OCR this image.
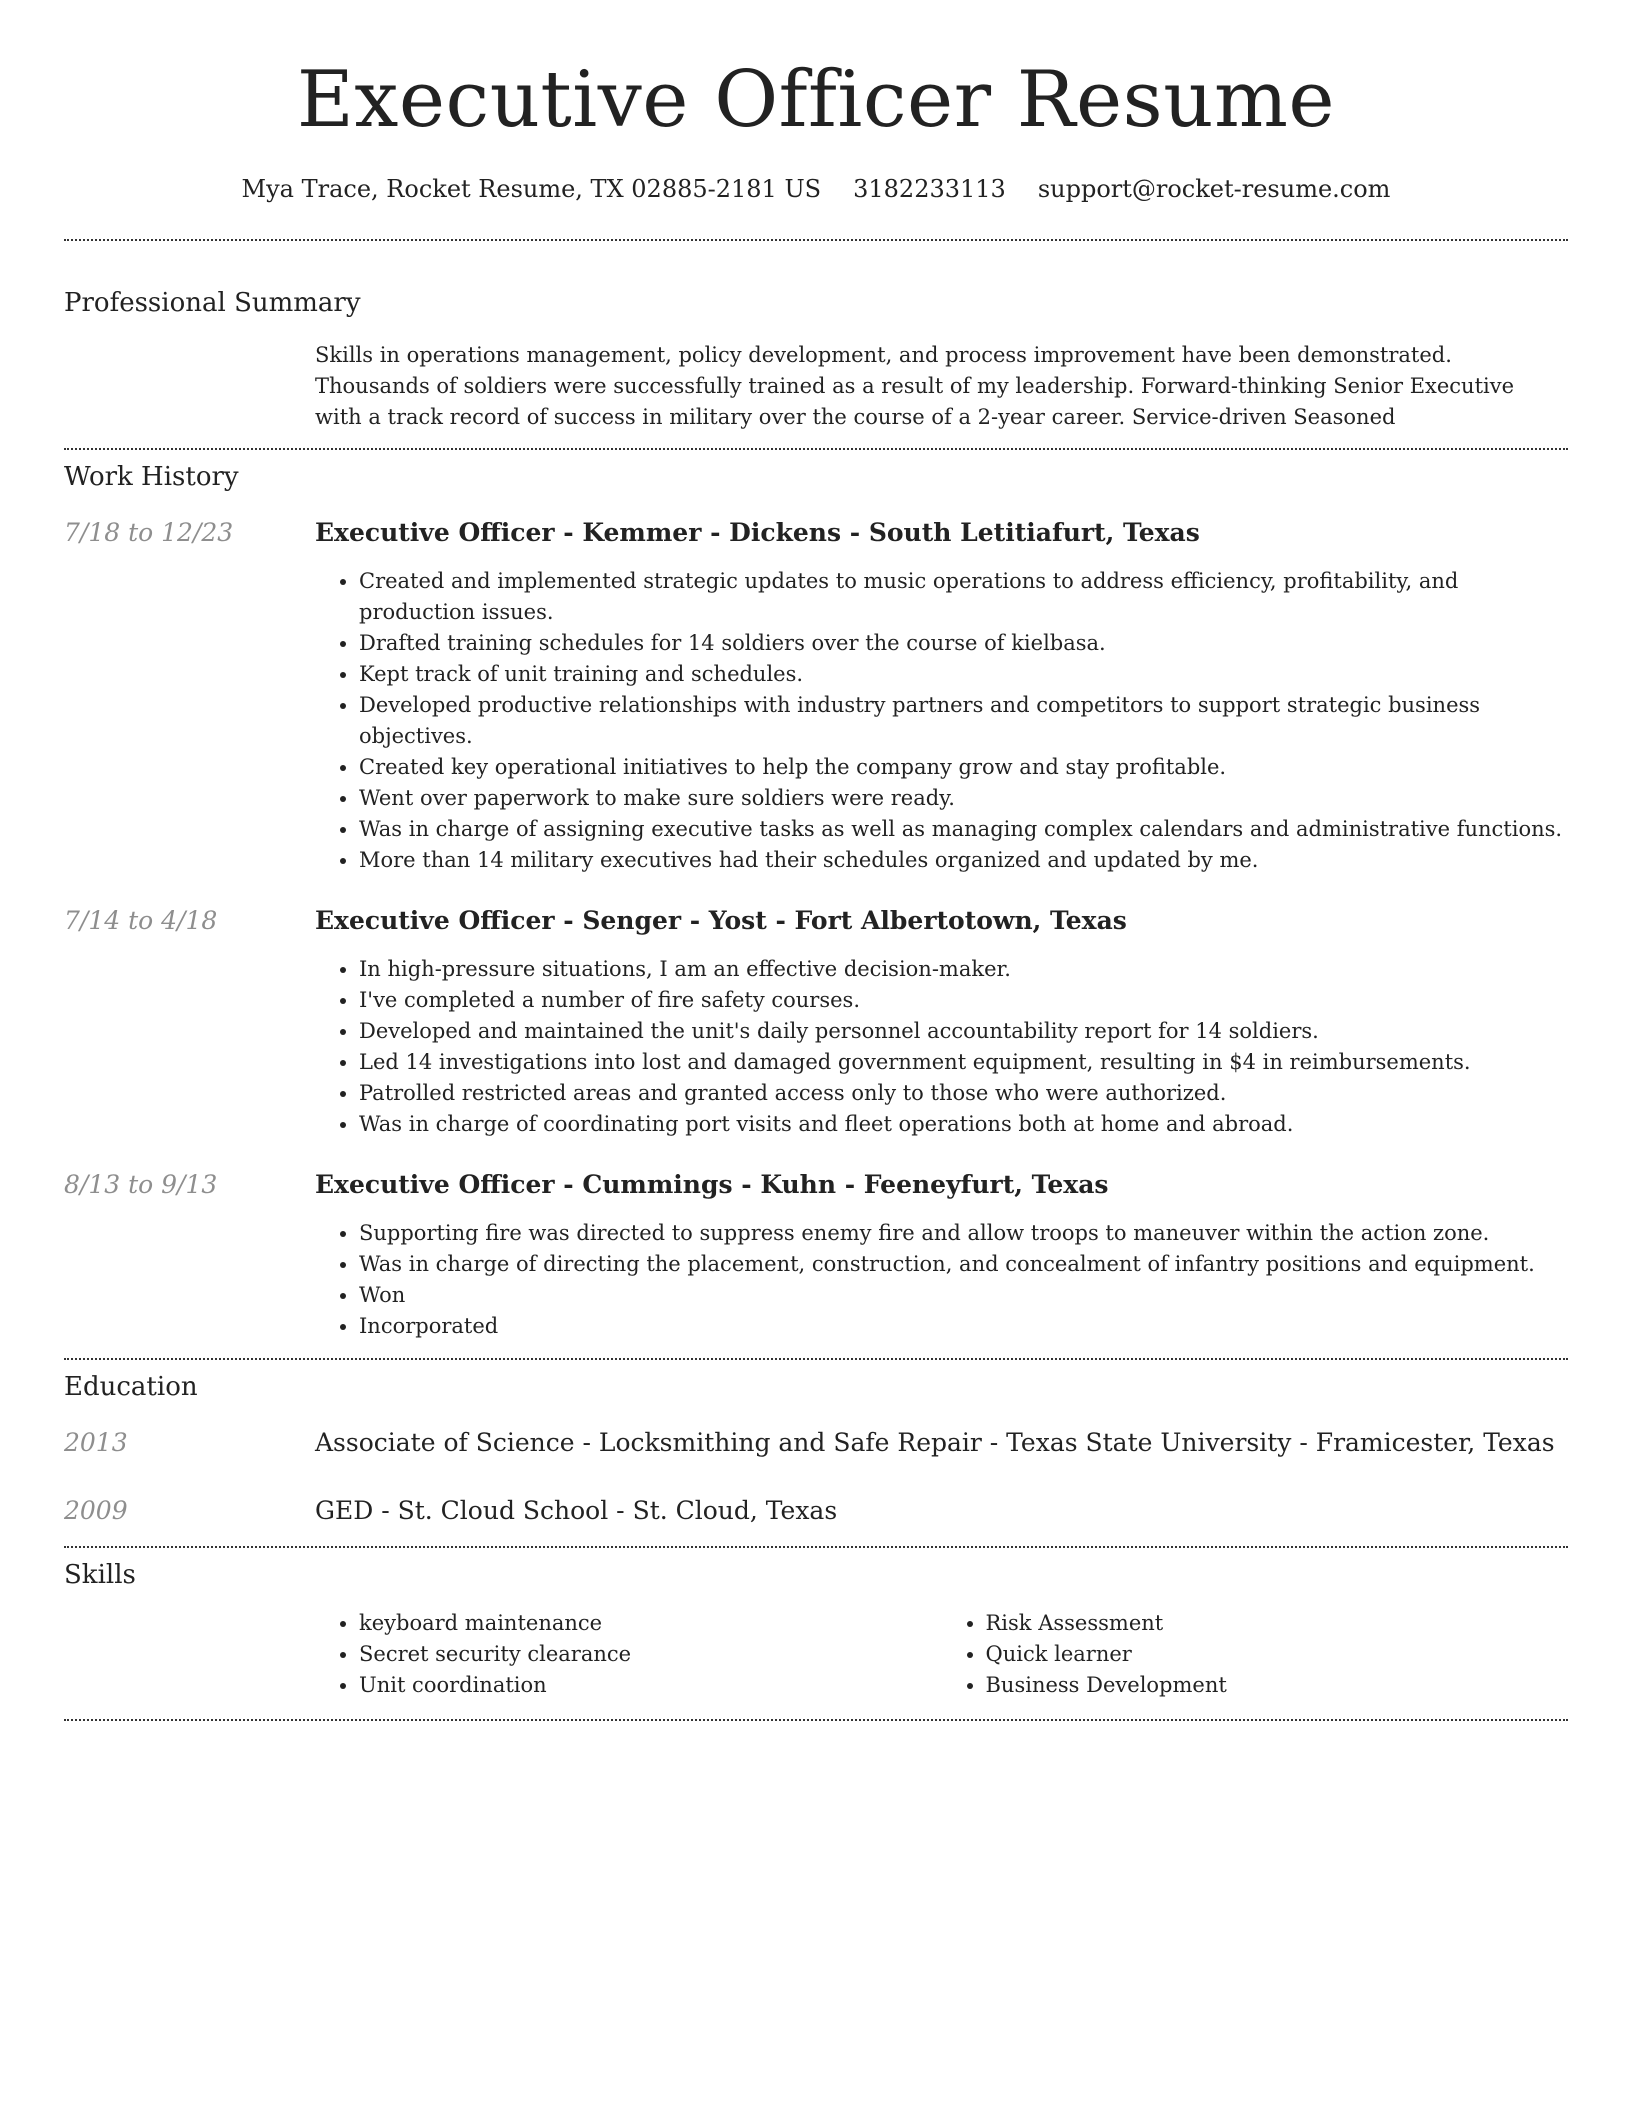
Executive Officer Resume
Mya Trace, Rocket Resume, TX 02885-2181 US 3182233113 support@rocket-resume.com
Professional Summary

Skills in operations management, policy development, and process improvement have been demonstrated. Thousands of soldiers were successfully trained as a result of my leadership. Forward-thinking Senior Executive with a track record of success in military over the course of a 2-year career. Service-driven Seasoned

Work History
7/18 to 12/23	Executive Officer - Kemmer - Dickens - South Letitiafurt, Texas
• Created and implemented strategic updates to music operations to address efficiency, profitability, and production issues.
• Drafted training schedules for 14 soldiers over the course of kielbasa.
• Kept track of unit training and schedules.
• Developed productive relationships with industry partners and competitors to support strategic business objectives.
• Created key operational initiatives to help the company grow and stay profitable.
• Went over paperwork to make sure soldiers were ready.
• Was in charge of assigning executive tasks as well as managing complex calendars and administrative functions.
• More than 14 military executives had their schedules organized and updated by me.
7/14 to 4/18	Executive Officer - Senger - Yost - Fort Albertotown, Texas
• In high-pressure situations, I am an effective decision-maker.
• I've completed a number of fire safety courses.
• Developed and maintained the unit's daily personnel accountability report for 14 soldiers.
• Led 14 investigations into lost and damaged government equipment, resulting in $4 in reimbursements.
• Patrolled restricted areas and granted access only to those who were authorized.
• Was in charge of coordinating port visits and fleet operations both at home and abroad.
8/13 to 9/13	Executive Officer - Cummings - Kuhn - Feeneyfurt, Texas
• Supporting fire was directed to suppress enemy fire and allow troops to maneuver within the action zone.
• Was in charge of directing the placement, construction, and concealment of infantry positions and equipment.
• Won
• Incorporated
Education
2013	Associate of Science - Locksmithing and Safe Repair - Texas State University - Framicester, Texas
2009	GED - St. Cloud School - St. Cloud, Texas
Skills
• keyboard maintenance
• Secret security clearance
• Unit coordination
• Risk Assessment
• Quick learner
• Business Development
